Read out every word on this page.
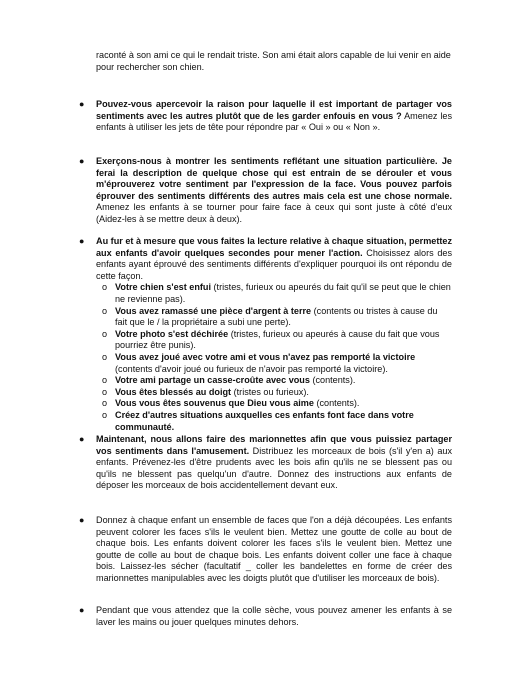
raconté à son ami ce qui le rendait triste. Son ami était alors capable de lui venir en aide pour rechercher son chien.

● Pouvez-vous apercevoir la raison pour laquelle il est important de partager vos sentiments avec les autres plutôt que de les garder enfouis en vous ? Amenez les enfants à utiliser les jets de tête pour répondre par « Oui » ou « Non ».

● Exerçons-nous à montrer les sentiments reflétant une situation particulière. Je ferai la description de quelque chose qui est entrain de se dérouler et vous m'éprouverez votre sentiment par l'expression de la face. Vous pouvez parfois éprouver des sentiments différents des autres mais cela est une chose normale. Amenez les enfants à se tourner pour faire face à ceux qui sont juste à côté d'eux (Aidez-les à se mettre deux à deux).

● Au fur et à mesure que vous faites la lecture relative à chaque situation, permettez aux enfants d'avoir quelques secondes pour mener l'action. Choisissez alors des enfants ayant éprouvé des sentiments différents d'expliquer pourquoi ils ont répondu de cette façon.

o Votre chien s'est enfui (tristes, furieux ou apeurés du fait qu'il se peut que le chien ne revienne pas).
o Vous avez ramassé une pièce d'argent à terre (contents ou tristes à cause du fait que le / la propriétaire a subi une perte).
o Votre photo s'est déchirée (tristes, furieux ou apeurés à cause du fait que vous pourriez être punis).
o Vous avez joué avec votre ami et vous n'avez pas remporté la victoire (contents d'avoir joué ou furieux de n'avoir pas remporté la victoire).
o Votre ami partage un casse-croûte avec vous (contents).
o Vous êtes blessés au doigt (tristes ou furieux).
o Vous vous êtes souvenus que Dieu vous aime (contents).
o Créez d'autres situations auxquelles ces enfants font face dans votre communauté.
● Maintenant, nous allons faire des marionnettes afin que vous puissiez partager vos sentiments dans l'amusement. Distribuez les morceaux de bois (s'il y'en a) aux enfants. Prévenez-les d'être prudents avec les bois afin qu'ils ne se blessent pas ou qu'ils ne blessent pas quelqu'un d'autre. Donnez des instructions aux enfants de déposer les morceaux de bois accidentellement devant eux.

● Donnez à chaque enfant un ensemble de faces que l'on a déjà découpées. Les enfants peuvent colorer les faces s'ils le veulent bien. Mettez une goutte de colle au bout de chaque bois. Les enfants doivent colorer les faces s'ils le veulent bien. Mettez une goutte de colle au bout de chaque bois. Les enfants doivent coller une face à chaque bois. Laissez-les sécher (facultatif _ coller les bandelettes en forme de créer des marionnettes manipulables avec les doigts plutôt que d'utiliser les morceaux de bois).

● Pendant que vous attendez que la colle sèche, vous pouvez amener les enfants à se laver les mains ou jouer quelques minutes dehors.
